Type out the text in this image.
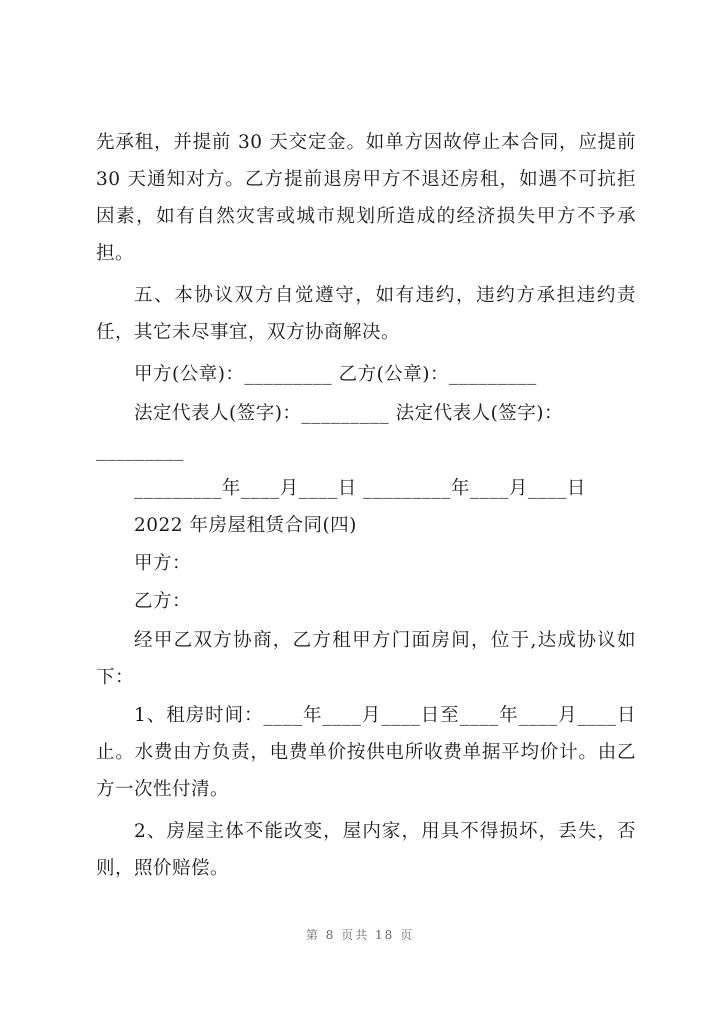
先承租，并提前 30 天交定金。如单方因故停止本合同，应提前
30 天通知对方。乙方提前退房甲方不退还房租，如遇不可抗拒
因素，如有自然灾害或城市规划所造成的经济损失甲方不予承
担。
五、本协议双方自觉遵守，如有违约，违约方承担违约责
任，其它未尽事宜，双方协商解决。
甲方(公章)：_________ 乙方(公章)：_________
法定代表人(签字)：_________ 法定代表人(签字)：
_________
_________年____月____日 _________年____月____日
2022 年房屋租赁合同(四)
甲方：
乙方：
经甲乙双方协商，乙方租甲方门面房间，位于,达成协议如
下：
1、租房时间：____年____月____日至____年____月____日
止。水费由方负责，电费单价按供电所收费单据平均价计。由乙
方一次性付清。
2、房屋主体不能改变，屋内家，用具不得损坏，丢失，否
则，照价赔偿。
第 8 页共 18 页
